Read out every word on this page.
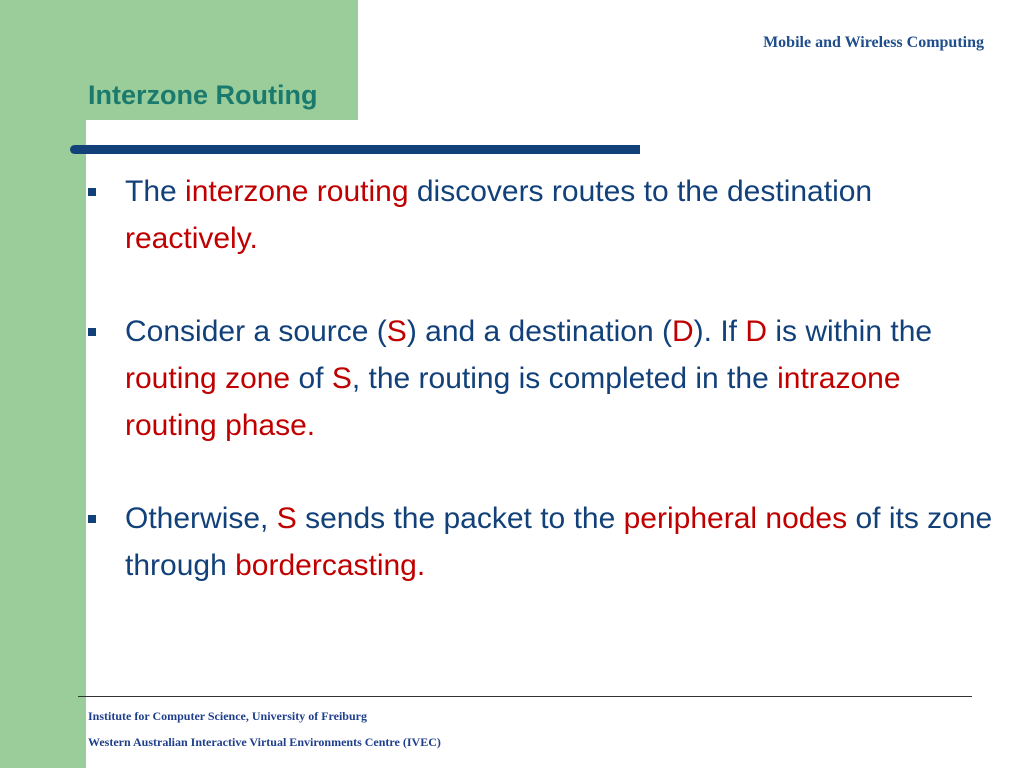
Mobile and Wireless Computing
Interzone Routing
The interzone routing discovers routes to the destination reactively.
Consider a source (S) and a destination (D). If D is within the routing zone of S, the routing is completed in the intrazone routing phase.
Otherwise, S sends the packet to the peripheral nodes of its zone through bordercasting.
Institute for Computer Science, University of Freiburg
Western Australian Interactive Virtual Environments Centre (IVEC)
